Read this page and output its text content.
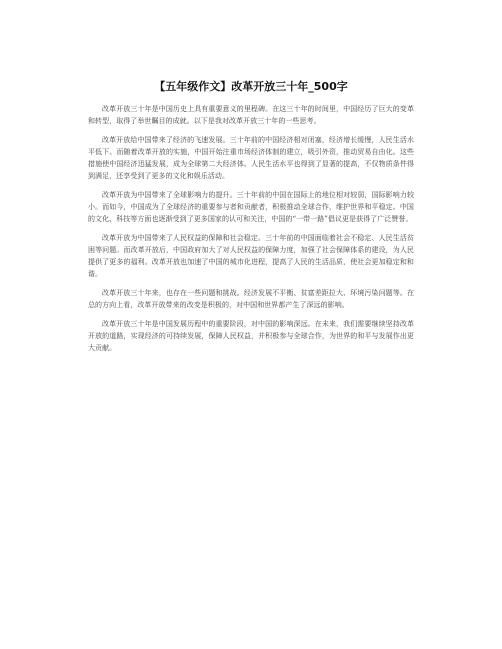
【五年级作文】改革开放三十年_500字

改革开放三十年是中国历史上具有重要意义的里程碑。在这三十年的时间里，中国经历了巨大的变革和转型，取得了举世瞩目的成就。以下是我对改革开放三十年的一些思考。

改革开放给中国带来了经济的飞速发展。三十年前的中国经济相对闭塞，经济增长缓慢，人民生活水平低下。而随着改革开放的实施，中国开始注重市场经济体制的建立，吸引外资，推动贸易自由化。这些措施使中国经济迅猛发展，成为全球第二大经济体。人民生活水平也得到了显著的提高，不仅物质条件得到满足，还享受到了更多的文化和娱乐活动。

改革开放为中国带来了全球影响力的提升。三十年前的中国在国际上的地位相对较弱，国际影响力较小。而如今，中国成为了全球经济的重要参与者和贡献者，积极推动全球合作，维护世界和平稳定。中国的文化、科技等方面也逐渐受到了更多国家的认可和关注，中国的“一带一路”倡议更是获得了广泛赞誉。

改革开放为中国带来了人民权益的保障和社会稳定。三十年前的中国面临着社会不稳定、人民生活贫困等问题。而改革开放后，中国政府加大了对人民权益的保障力度，加强了社会保障体系的建设，为人民提供了更多的福利。改革开放也加速了中国的城市化进程，提高了人民的生活品质，使社会更加稳定和和谐。

改革开放三十年来，也存在一些问题和挑战。经济发展不平衡、贫富差距拉大、环境污染问题等。在总的方向上看，改革开放带来的改变是积极的，对中国和世界都产生了深远的影响。

改革开放三十年是中国发展历程中的重要阶段，对中国的影响深远。在未来，我们需要继续坚持改革开放的道路，实现经济的可持续发展，保障人民权益，并积极参与全球合作，为世界的和平与发展作出更大贡献。
